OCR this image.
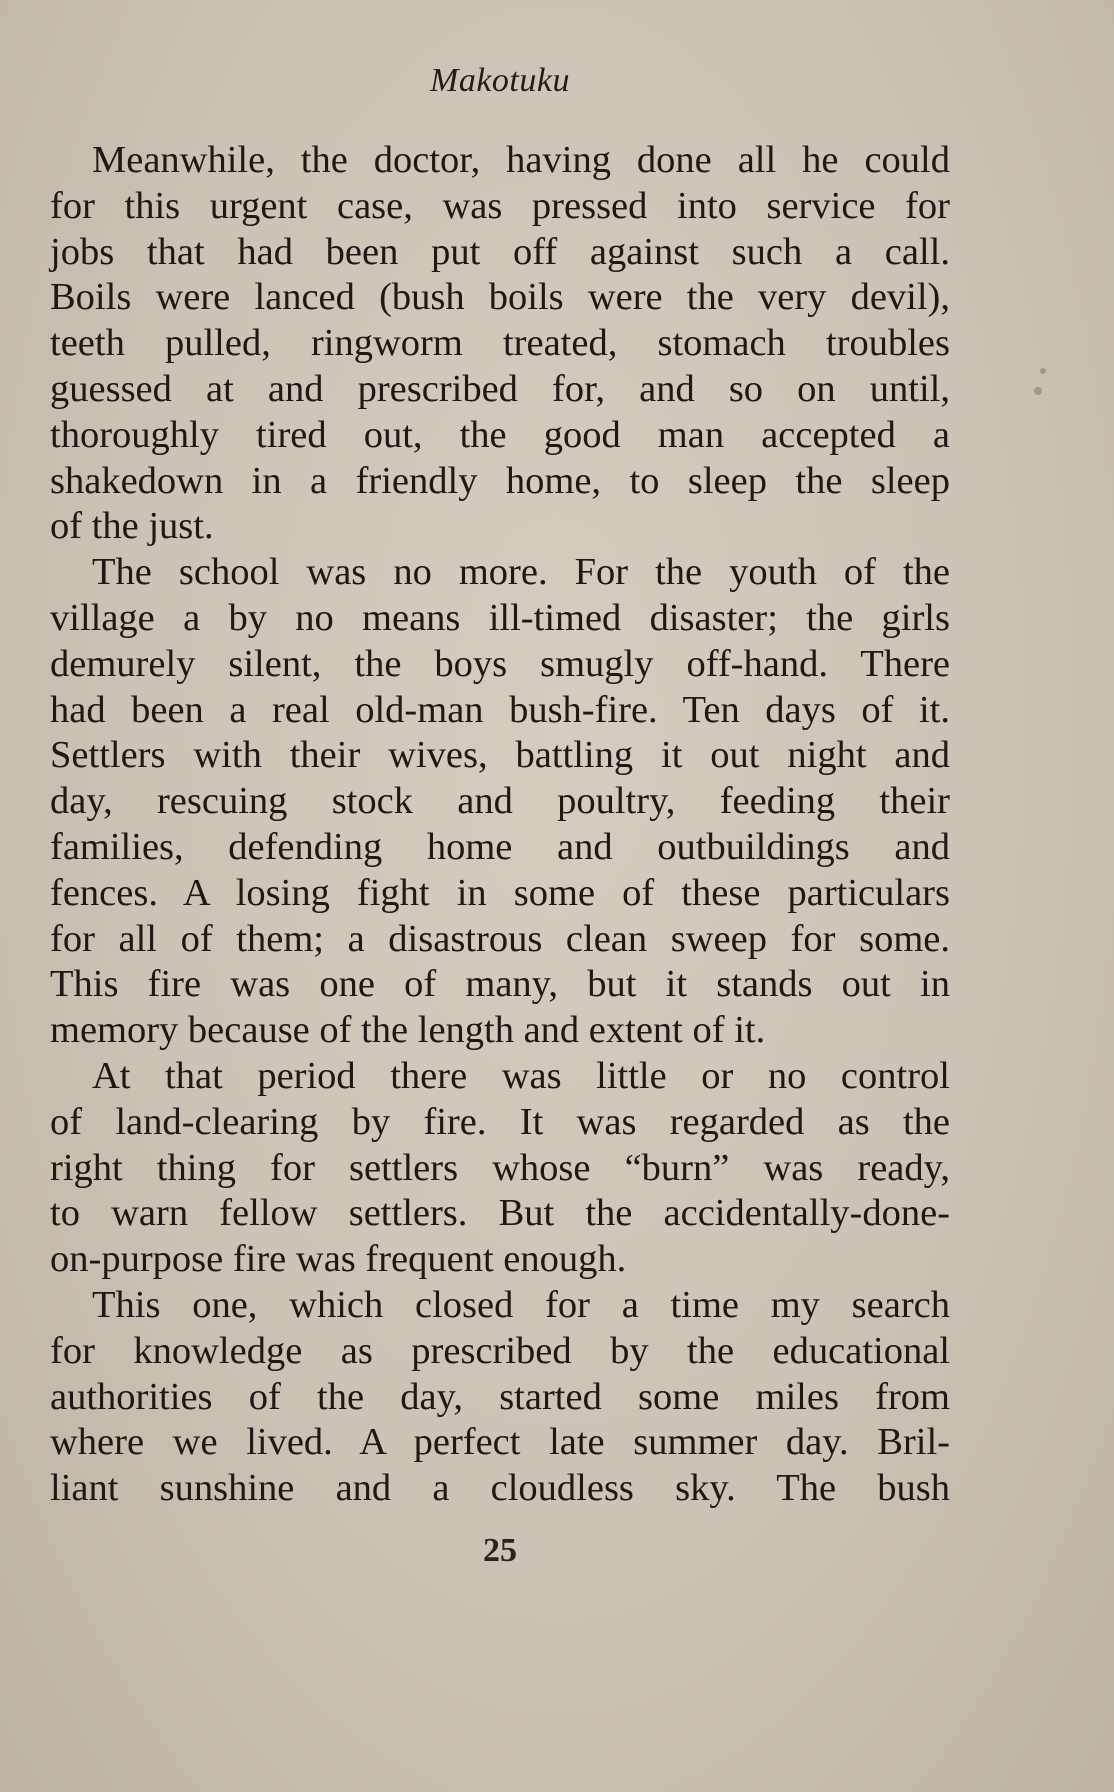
Makotuku
Meanwhile, the doctor, having done all he could
for this urgent case, was pressed into service for
jobs that had been put off against such a call.
Boils were lanced (bush boils were the very devil),
teeth pulled, ringworm treated, stomach troubles
guessed at and prescribed for, and so on until,
thoroughly tired out, the good man accepted a
shakedown in a friendly home, to sleep the sleep
of the just.
The school was no more. For the youth of the
village a by no means ill-timed disaster; the girls
demurely silent, the boys smugly off-hand. There
had been a real old-man bush-fire. Ten days of it.
Settlers with their wives, battling it out night and
day, rescuing stock and poultry, feeding their
families, defending home and outbuildings and
fences. A losing fight in some of these particulars
for all of them; a disastrous clean sweep for some.
This fire was one of many, but it stands out in
memory because of the length and extent of it.
At that period there was little or no control
of land-clearing by fire. It was regarded as the
right thing for settlers whose “burn” was ready,
to warn fellow settlers. But the accidentally-done-
on-purpose fire was frequent enough.
This one, which closed for a time my search
for knowledge as prescribed by the educational
authorities of the day, started some miles from
where we lived. A perfect late summer day. Bril-
liant sunshine and a cloudless sky. The bush
25
